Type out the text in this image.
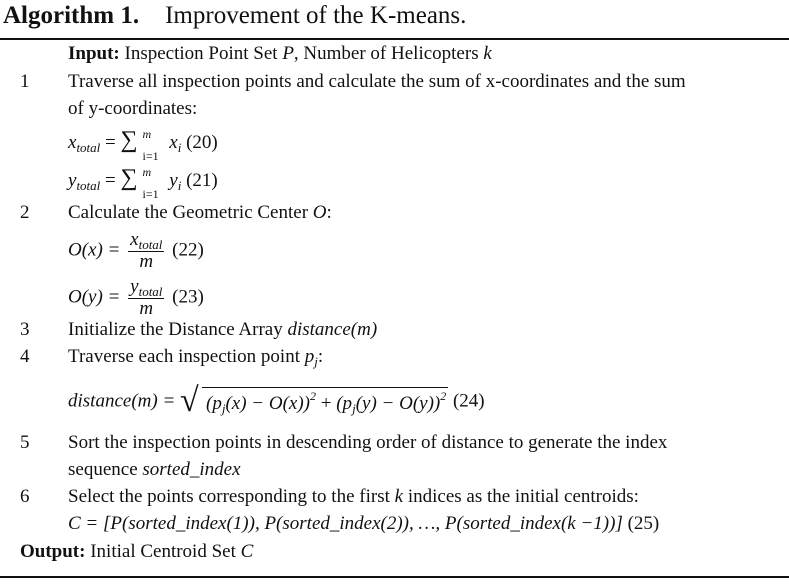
Algorithm 1. Improvement of the K-means.
Input: Inspection Point Set P, Number of Helicopters k
1 Traverse all inspection points and calculate the sum of x-coordinates and the sum
of y-coordinates:
$x_{total}$ = ∑ m
i=1
$x_i$ (20)
$y_{total}$ = ∑ m
i=1
$y_i$ (21)
2 Calculate the Geometric Center O:
$O(x) = \frac{x_{total}}{m} (22)$
$O(y) = \frac{y_{total}}{m} (23)$
3 Initialize the Distance Array distance(m)
4 Traverse each inspection point $p_j$:
distance(m) = √ $(p_j(x) - O(x))^2 + (p_j(y) - O(y))^2$ (24)
5 Sort the inspection points in descending order of distance to generate the index
sequence sorted_index
6 Select the points corresponding to the first k indices as the initial centroids:
C = [P(sorted_index(1)), P(sorted_index(2)), …, P(sorted_index(k −1))] (25)
Output: Initial Centroid Set C
